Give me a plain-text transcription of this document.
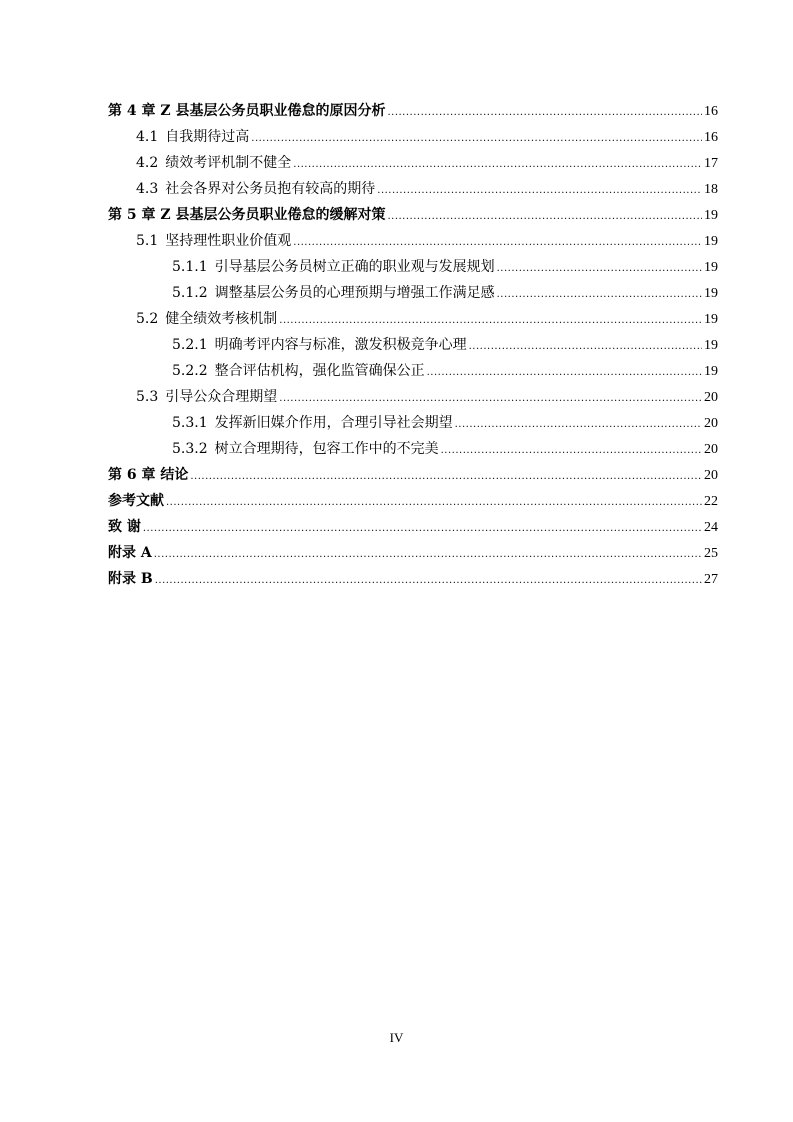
第 4 章 Z 县基层公务员职业倦怠的原因分析 .....	16
4.1 自我期待过高 .....	16
4.2 绩效考评机制不健全 .....	17
4.3 社会各界对公务员抱有较高的期待 .....	18
第 5 章 Z 县基层公务员职业倦怠的缓解对策 .....	19
5.1 坚持理性职业价值观 .....	19
5.1.1 引导基层公务员树立正确的职业观与发展规划 .....	19
5.1.2 调整基层公务员的心理预期与增强工作满足感 .....	19
5.2 健全绩效考核机制 .....	19
5.2.1 明确考评内容与标准，激发积极竞争心理 .....	19
5.2.2 整合评估机构，强化监管确保公正 .....	19
5.3 引导公众合理期望 .....	20
5.3.1 发挥新旧媒介作用，合理引导社会期望 .....	20
5.3.2 树立合理期待，包容工作中的不完美 .....	20
第 6 章 结论 .....	20
参考文献 .....	22
致 谢 .....	24
附录 A .....	25
附录 B .....	27
IV
